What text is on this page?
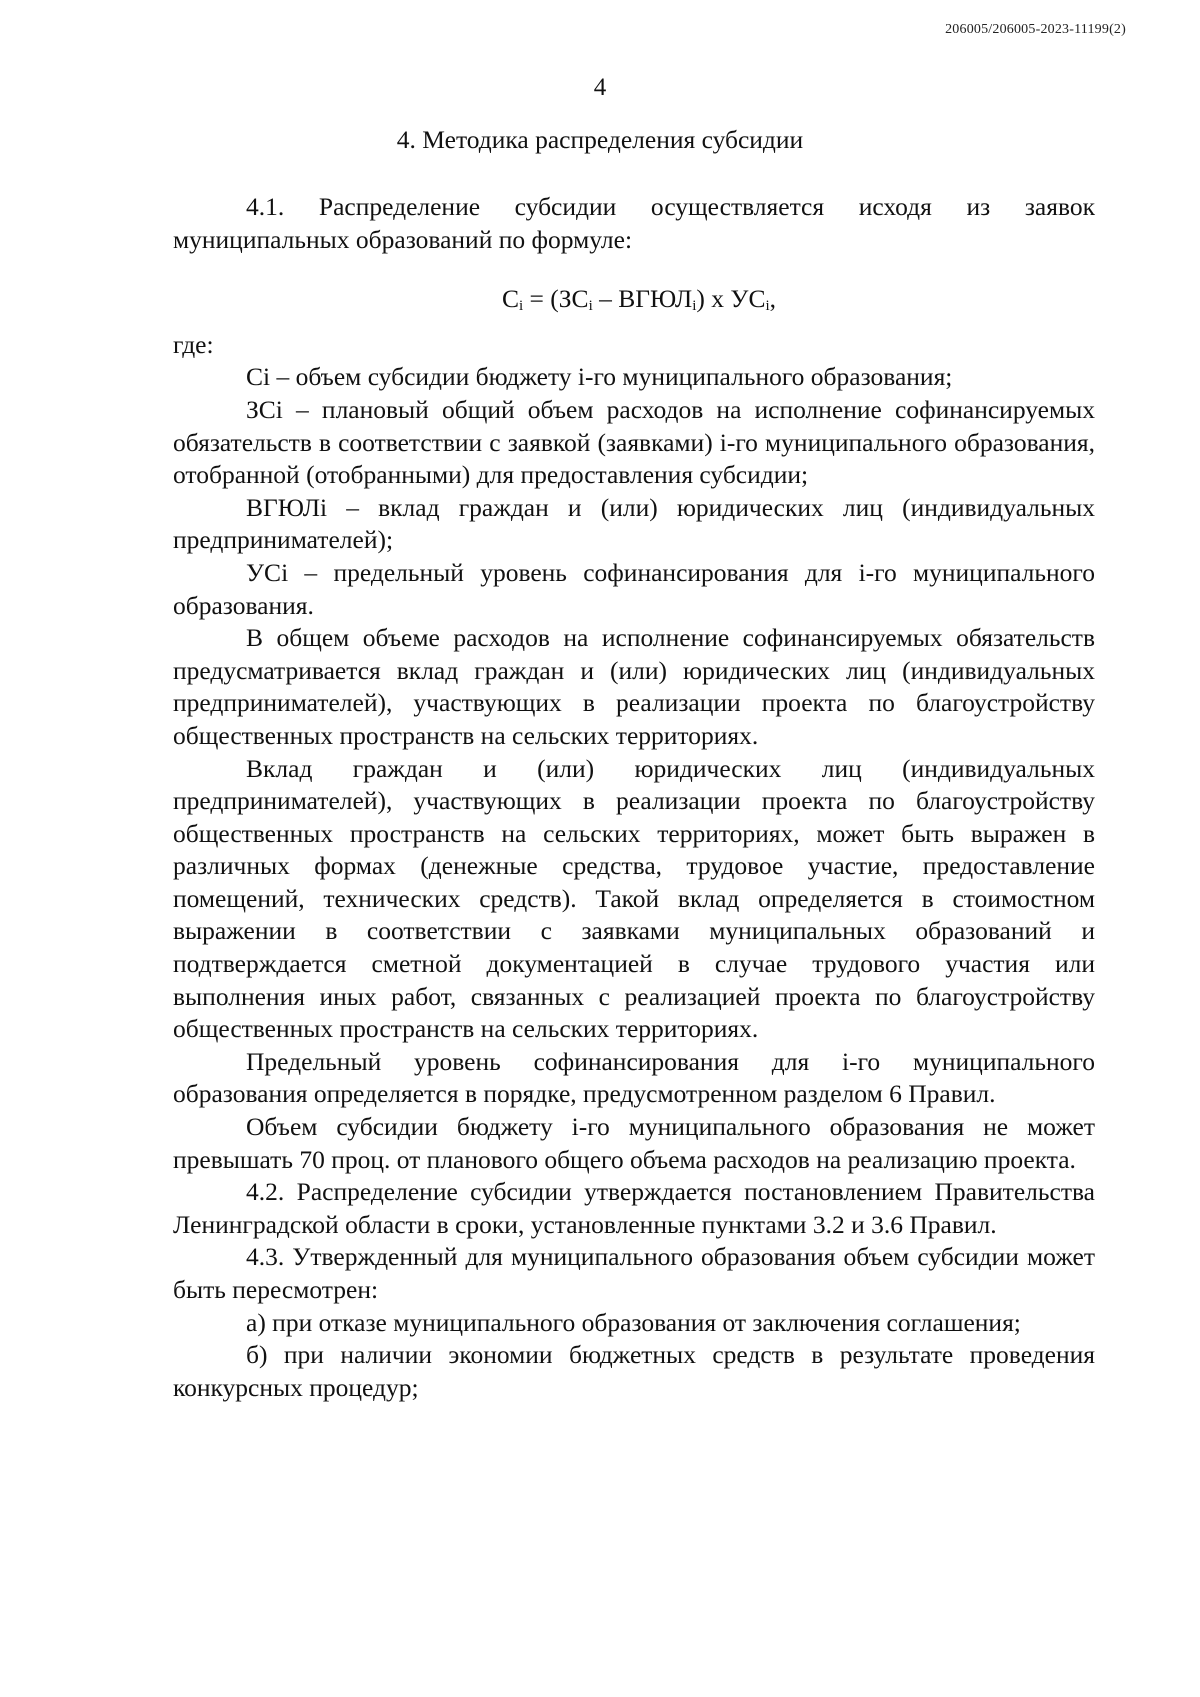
206005/206005-2023-11199(2)
4
4. Методика распределения субсидии

4.1. Распределение субсидии осуществляется исходя из заявок муниципальных образований по формуле:

$C_i = (ЗC_i$ – $ВГЮЛ_i$) х $УС_i$,

где:

Ci – объем субсидии бюджету i-го муниципального образования;

ЗCi – плановый общий объем расходов на исполнение софинансируемых обязательств в соответствии с заявкой (заявками) i-го муниципального образования, отобранной (отобранными) для предоставления субсидии;

ВГЮЛi – вклад граждан и (или) юридических лиц (индивидуальных предпринимателей);

УСi – предельный уровень софинансирования для i-го муниципального образования.

В общем объеме расходов на исполнение софинансируемых обязательств предусматривается вклад граждан и (или) юридических лиц (индивидуальных предпринимателей), участвующих в реализации проекта по благоустройству общественных пространств на сельских территориях.

Вклад граждан и (или) юридических лиц (индивидуальных предпринимателей), участвующих в реализации проекта по благоустройству общественных пространств на сельских территориях, может быть выражен в различных формах (денежные средства, трудовое участие, предоставление помещений, технических средств). Такой вклад определяется в стоимостном выражении в соответствии с заявками муниципальных образований и подтверждается сметной документацией в случае трудового участия или выполнения иных работ, связанных с реализацией проекта по благоустройству общественных пространств на сельских территориях.

Предельный уровень софинансирования для i-го муниципального образования определяется в порядке, предусмотренном разделом 6 Правил.

Объем субсидии бюджету i-го муниципального образования не может превышать 70 проц. от планового общего объема расходов на реализацию проекта.

4.2. Распределение субсидии утверждается постановлением Правительства Ленинградской области в сроки, установленные пунктами 3.2 и 3.6 Правил.

4.3. Утвержденный для муниципального образования объем субсидии может быть пересмотрен:

а) при отказе муниципального образования от заключения соглашения;

б) при наличии экономии бюджетных средств в результате проведения конкурсных процедур;
